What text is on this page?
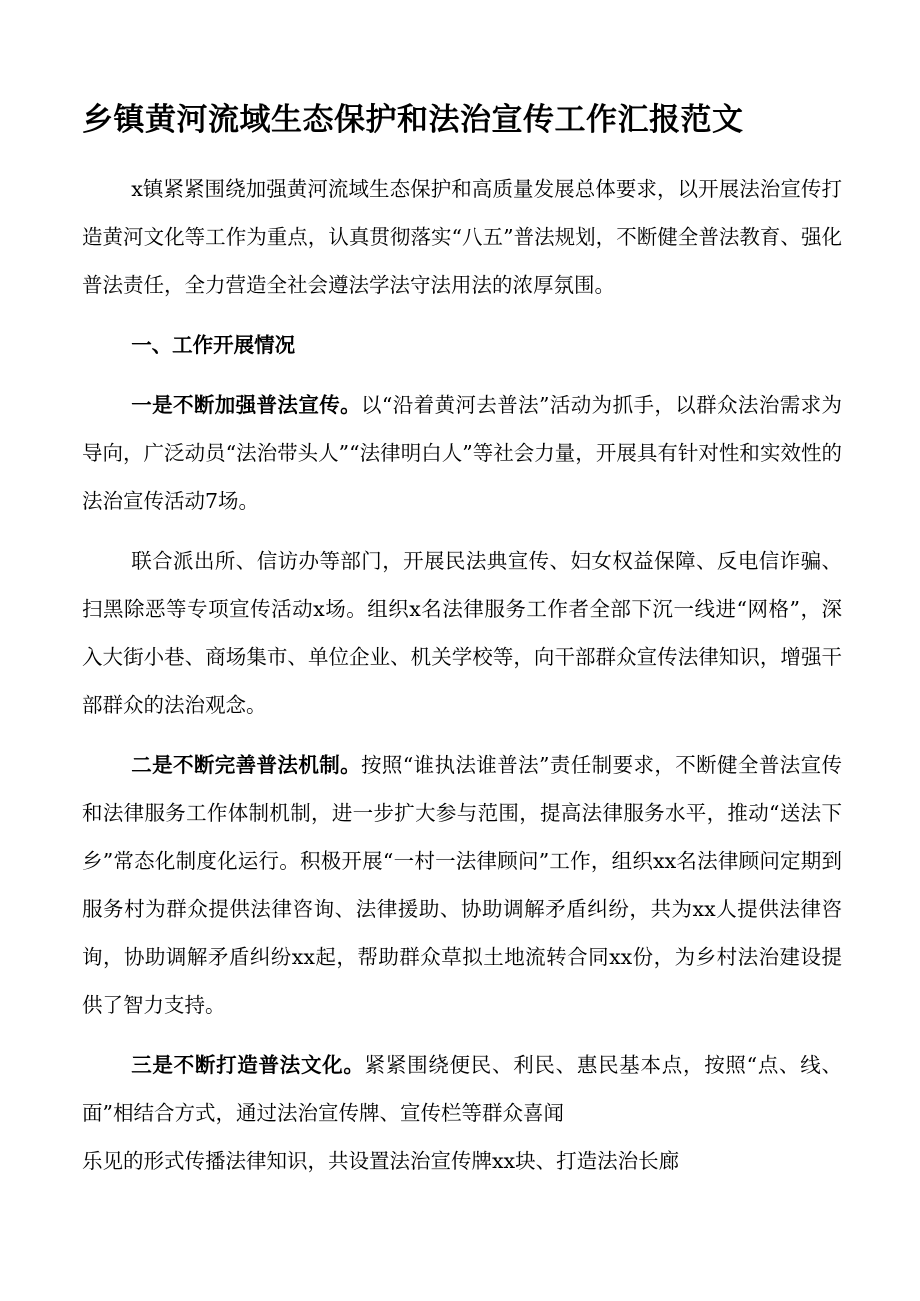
乡镇黄河流域生态保护和法治宣传工作汇报范文

x镇紧紧围绕加强黄河流域生态保护和高质量发展总体要求，以开展法治宣传打造黄河文化等工作为重点，认真贯彻落实“八五”普法规划，不断健全普法教育、强化普法责任，全力营造全社会遵法学法守法用法的浓厚氛围。

一、工作开展情况

一是不断加强普法宣传。以“沿着黄河去普法”活动为抓手，以群众法治需求为导向，广泛动员“法治带头人”“法律明白人”等社会力量，开展具有针对性和实效性的法治宣传活动7场。

联合派出所、信访办等部门，开展民法典宣传、妇女权益保障、反电信诈骗、扫黑除恶等专项宣传活动x场。组织x名法律服务工作者全部下沉一线进“网格”，深入大街小巷、商场集市、单位企业、机关学校等，向干部群众宣传法律知识，增强干部群众的法治观念。

二是不断完善普法机制。按照“谁执法谁普法”责任制要求，不断健全普法宣传和法律服务工作体制机制，进一步扩大参与范围，提高法律服务水平，推动“送法下乡”常态化制度化运行。积极开展“一村一法律顾问”工作，组织xx名法律顾问定期到服务村为群众提供法律咨询、法律援助、协助调解矛盾纠纷，共为xx人提供法律咨询，协助调解矛盾纠纷xx起，帮助群众草拟土地流转合同xx份，为乡村法治建设提供了智力支持。

三是不断打造普法文化。紧紧围绕便民、利民、惠民基本点，按照“点、线、面”相结合方式，通过法治宣传牌、宣传栏等群众喜闻

乐见的形式传播法律知识，共设置法治宣传牌xx块、打造法治长廊
